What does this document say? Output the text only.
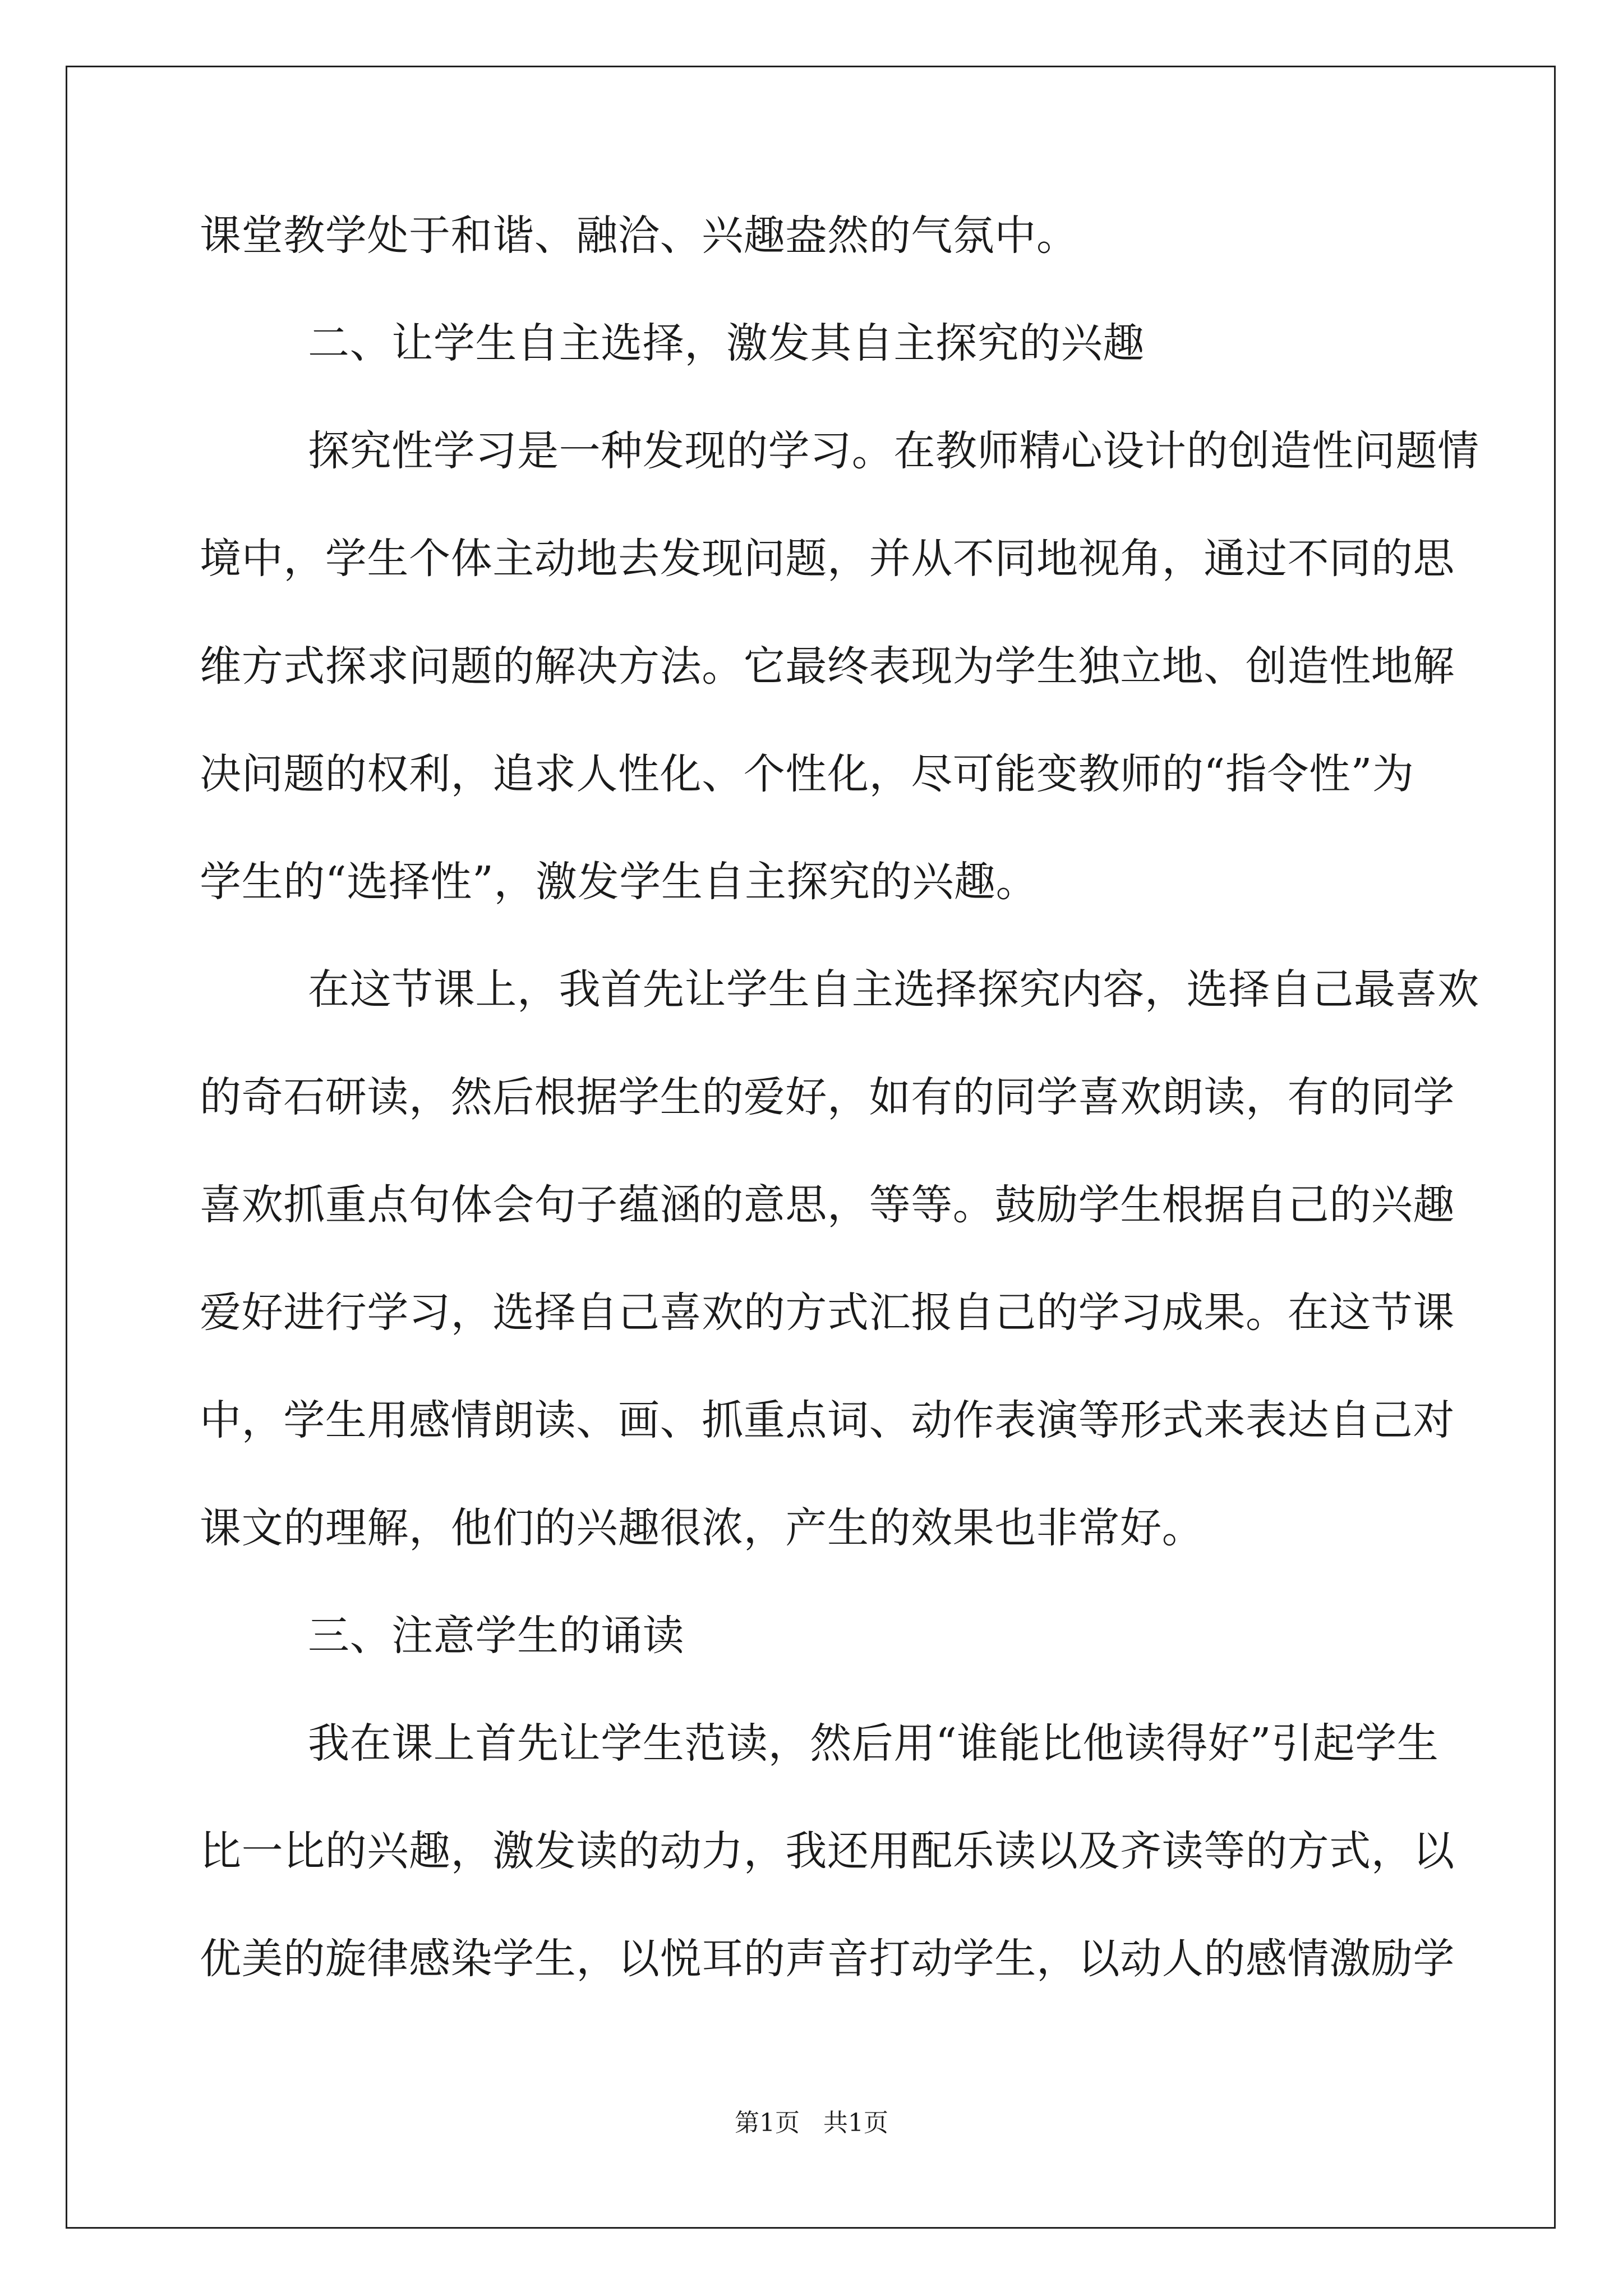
课堂教学处于和谐、融洽、兴趣盎然的气氛中。
二、让学生自主选择，激发其自主探究的兴趣
探究性学习是一种发现的学习。在教师精心设计的创造性问题情
境中，学生个体主动地去发现问题，并从不同地视角，通过不同的思
维方式探求问题的解决方法。它最终表现为学生独立地、创造性地解
决问题的权利，追求人性化、个性化，尽可能变教师的“指令性”为
学生的“选择性”，激发学生自主探究的兴趣。
在这节课上，我首先让学生自主选择探究内容，选择自己最喜欢
的奇石研读，然后根据学生的爱好，如有的同学喜欢朗读，有的同学
喜欢抓重点句体会句子蕴涵的意思，等等。鼓励学生根据自己的兴趣
爱好进行学习，选择自己喜欢的方式汇报自己的学习成果。在这节课
中，学生用感情朗读、画、抓重点词、动作表演等形式来表达自己对
课文的理解，他们的兴趣很浓，产生的效果也非常好。
三、注意学生的诵读
我在课上首先让学生范读，然后用“谁能比他读得好”引起学生
比一比的兴趣，激发读的动力，我还用配乐读以及齐读等的方式，以
优美的旋律感染学生，以悦耳的声音打动学生，以动人的感情激励学
第1页   共1页
